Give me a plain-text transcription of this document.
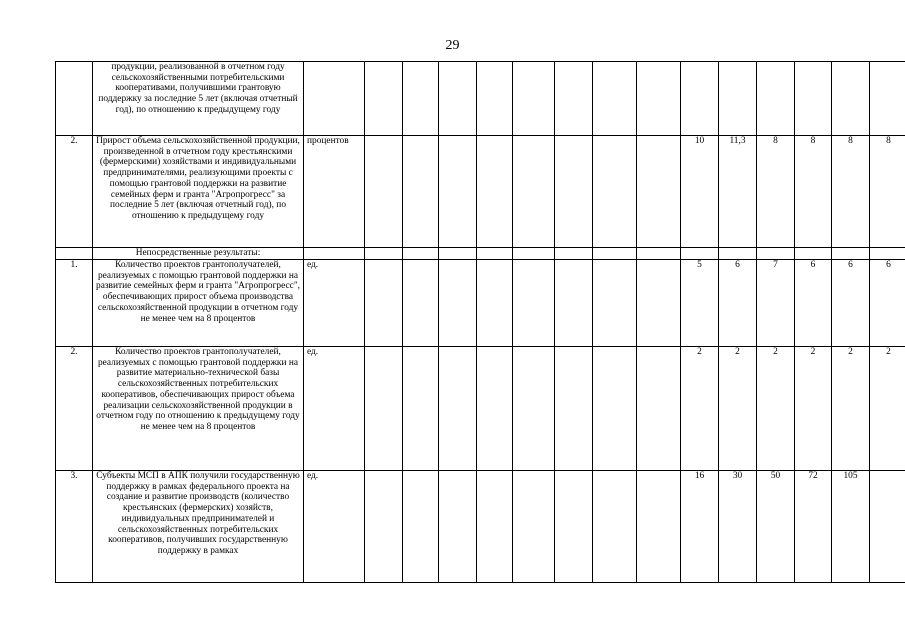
29
	продукции, реализованной в отчетном году сельскохозяйственными потребительскими кооперативами, получившими грантовую поддержку за последние 5 лет (включая отчетный год), по отношению к предыдущему году															
2.	Прирост объема сельскохозяйственной продукции, произведенной в отчетном году крестьянскими (фермерскими) хозяйствами и индивидуальными предпринимателями, реализующими проекты с помощью грантовой поддержки на развитие семейных ферм и гранта "Агропрогресс" за последние 5 лет (включая отчетный год), по отношению к предыдущему году	процентов									10	11,3	8	8	8	8
	Непосредственные результаты:															
1.	Количество проектов грантополучателей, реализуемых с помощью грантовой поддержки на развитие семейных ферм и гранта "Агропрогресс", обеспечивающих прирост объема производства сельскохозяйственной продукции в отчетном году не менее чем на 8 процентов	ед.									5	6	7	6	6	6
2.	Количество проектов грантополучателей, реализуемых с помощью грантовой поддержки на развитие материально-технической базы сельскохозяйственных потребительских кооперативов, обеспечивающих прирост объема реализации сельскохозяйственной продукции в отчетном году по отношению к предыдущему году не менее чем на 8 процентов	ед.									2	2	2	2	2	2
3.	Субъекты МСП в АПК получили государственную поддержку в рамках федерального проекта на создание и развитие производств (количество крестьянских (фермерских) хозяйств, индивидуальных предпринимателей и сельскохозяйственных потребительских кооперативов, получивших государственную поддержку в рамках	ед.									16	30	50	72	105	
